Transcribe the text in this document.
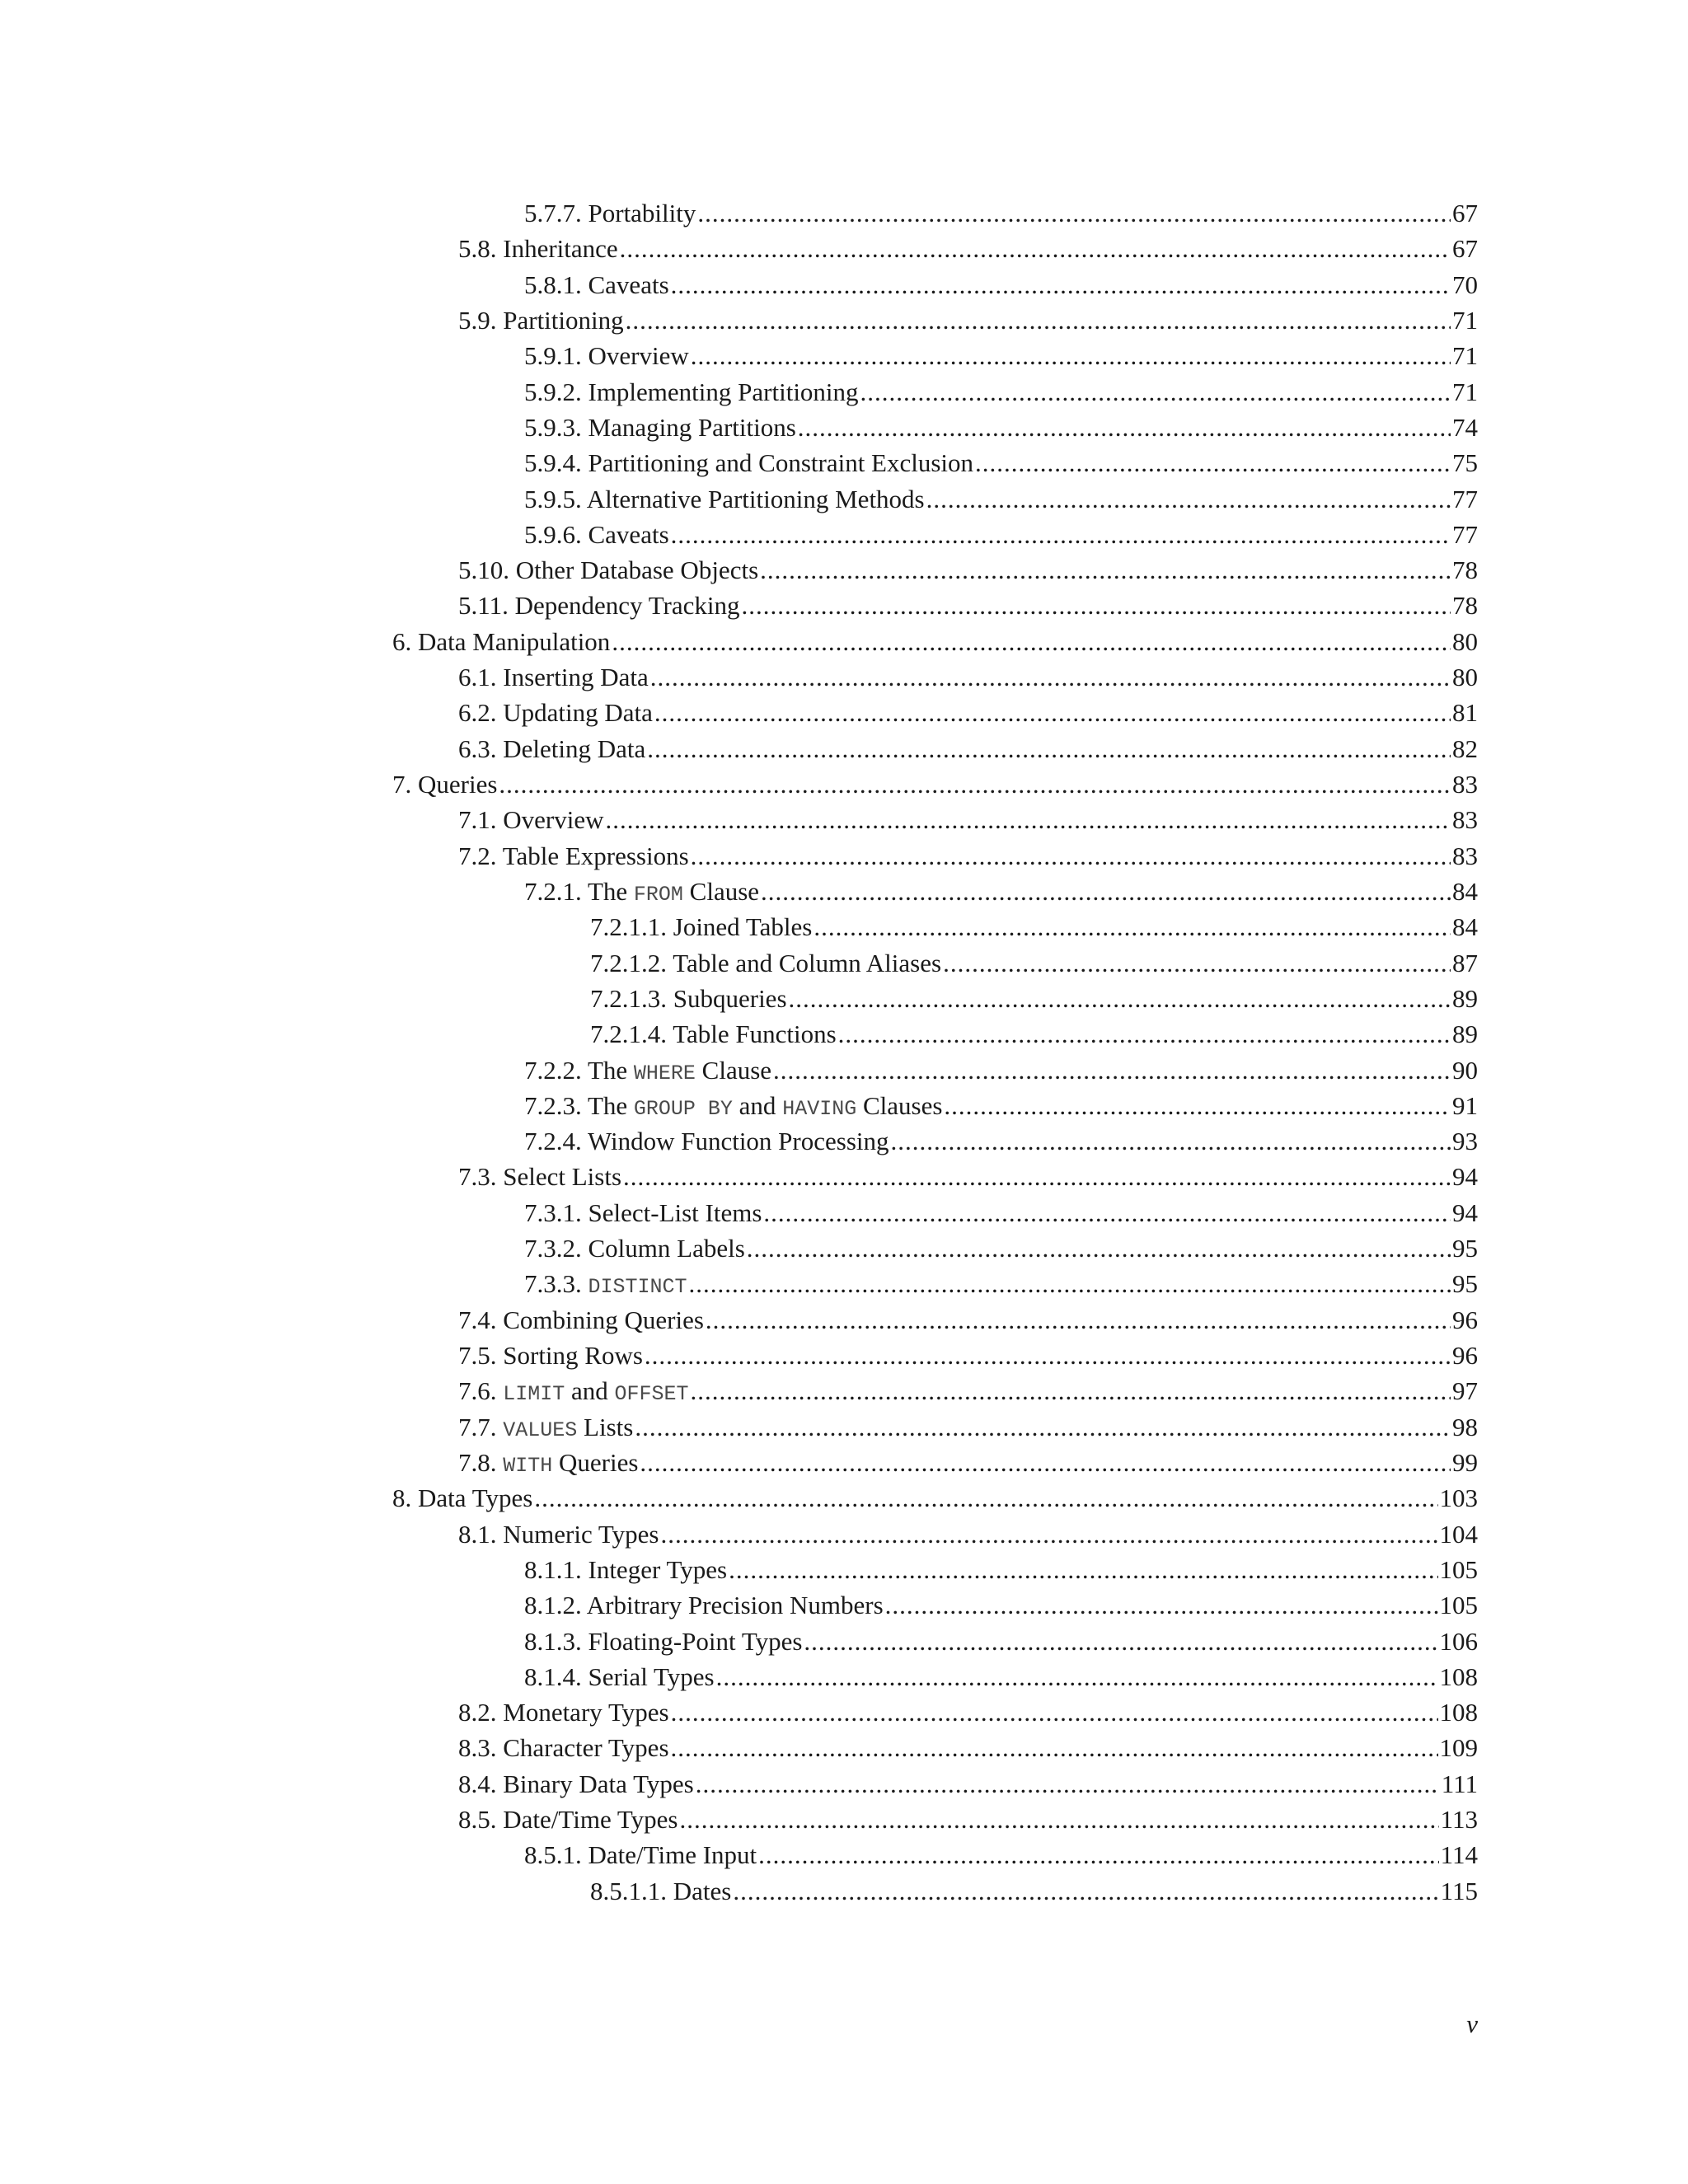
5.7.7. Portability .....	67
5.8. Inheritance .....	67
5.8.1. Caveats .....	70
5.9. Partitioning .....	71
5.9.1. Overview .....	71
5.9.2. Implementing Partitioning .....	71
5.9.3. Managing Partitions .....	74
5.9.4. Partitioning and Constraint Exclusion .....	75
5.9.5. Alternative Partitioning Methods .....	77
5.9.6. Caveats .....	77
5.10. Other Database Objects .....	78
5.11. Dependency Tracking .....	78
6. Data Manipulation .....	80
6.1. Inserting Data .....	80
6.2. Updating Data .....	81
6.3. Deleting Data .....	82
7. Queries .....	83
7.1. Overview .....	83
7.2. Table Expressions .....	83
7.2.1. The FROM Clause .....	84
7.2.1.1. Joined Tables .....	84
7.2.1.2. Table and Column Aliases .....	87
7.2.1.3. Subqueries .....	89
7.2.1.4. Table Functions .....	89
7.2.2. The WHERE Clause .....	90
7.2.3. The GROUP BY and HAVING Clauses .....	91
7.2.4. Window Function Processing .....	93
7.3. Select Lists .....	94
7.3.1. Select-List Items .....	94
7.3.2. Column Labels .....	95
7.3.3. DISTINCT .....	95
7.4. Combining Queries .....	96
7.5. Sorting Rows .....	96
7.6. LIMIT and OFFSET .....	97
7.7. VALUES Lists .....	98
7.8. WITH Queries .....	99
8. Data Types .....	103
8.1. Numeric Types .....	104
8.1.1. Integer Types .....	105
8.1.2. Arbitrary Precision Numbers .....	105
8.1.3. Floating-Point Types .....	106
8.1.4. Serial Types .....	108
8.2. Monetary Types .....	108
8.3. Character Types .....	109
8.4. Binary Data Types .....	111
8.5. Date/Time Types .....	113
8.5.1. Date/Time Input .....	114
8.5.1.1. Dates .....	115
v
